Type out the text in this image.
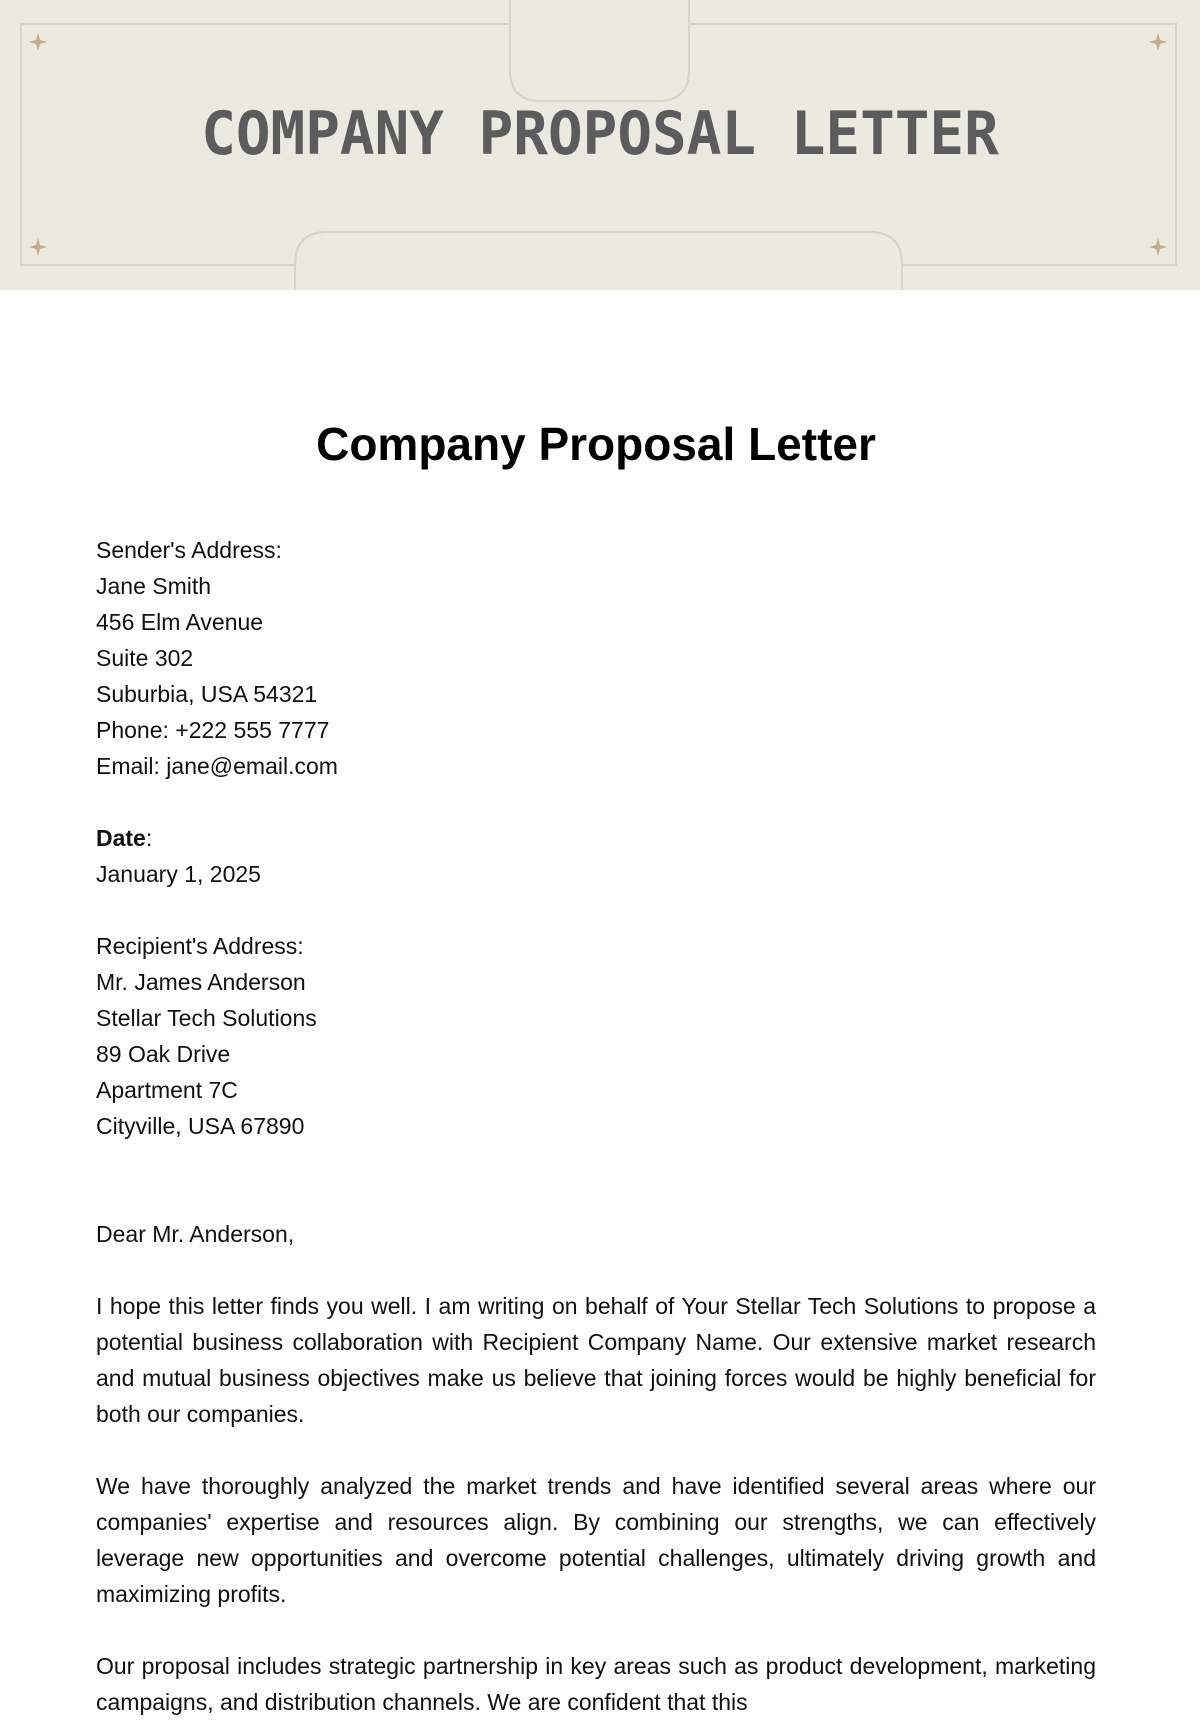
COMPANY PROPOSAL LETTER
Company Proposal Letter
Sender's Address:
Jane Smith
456 Elm Avenue
Suite 302
Suburbia, USA 54321
Phone: +222 555 7777
Email: jane@email.com
Date:
January 1, 2025
Recipient's Address:
Mr. James Anderson
Stellar Tech Solutions
89 Oak Drive
Apartment 7C
Cityville, USA 67890
Dear Mr. Anderson,
I hope this letter finds you well. I am writing on behalf of Your Stellar Tech Solutions to propose a potential business collaboration with Recipient Company Name. Our extensive market research and mutual business objectives make us believe that joining forces would be highly beneficial for both our companies.
We have thoroughly analyzed the market trends and have identified several areas where our companies' expertise and resources align. By combining our strengths, we can effectively leverage new opportunities and overcome potential challenges, ultimately driving growth and maximizing profits.
Our proposal includes strategic partnership in key areas such as product development, marketing campaigns, and distribution channels. We are confident that this
